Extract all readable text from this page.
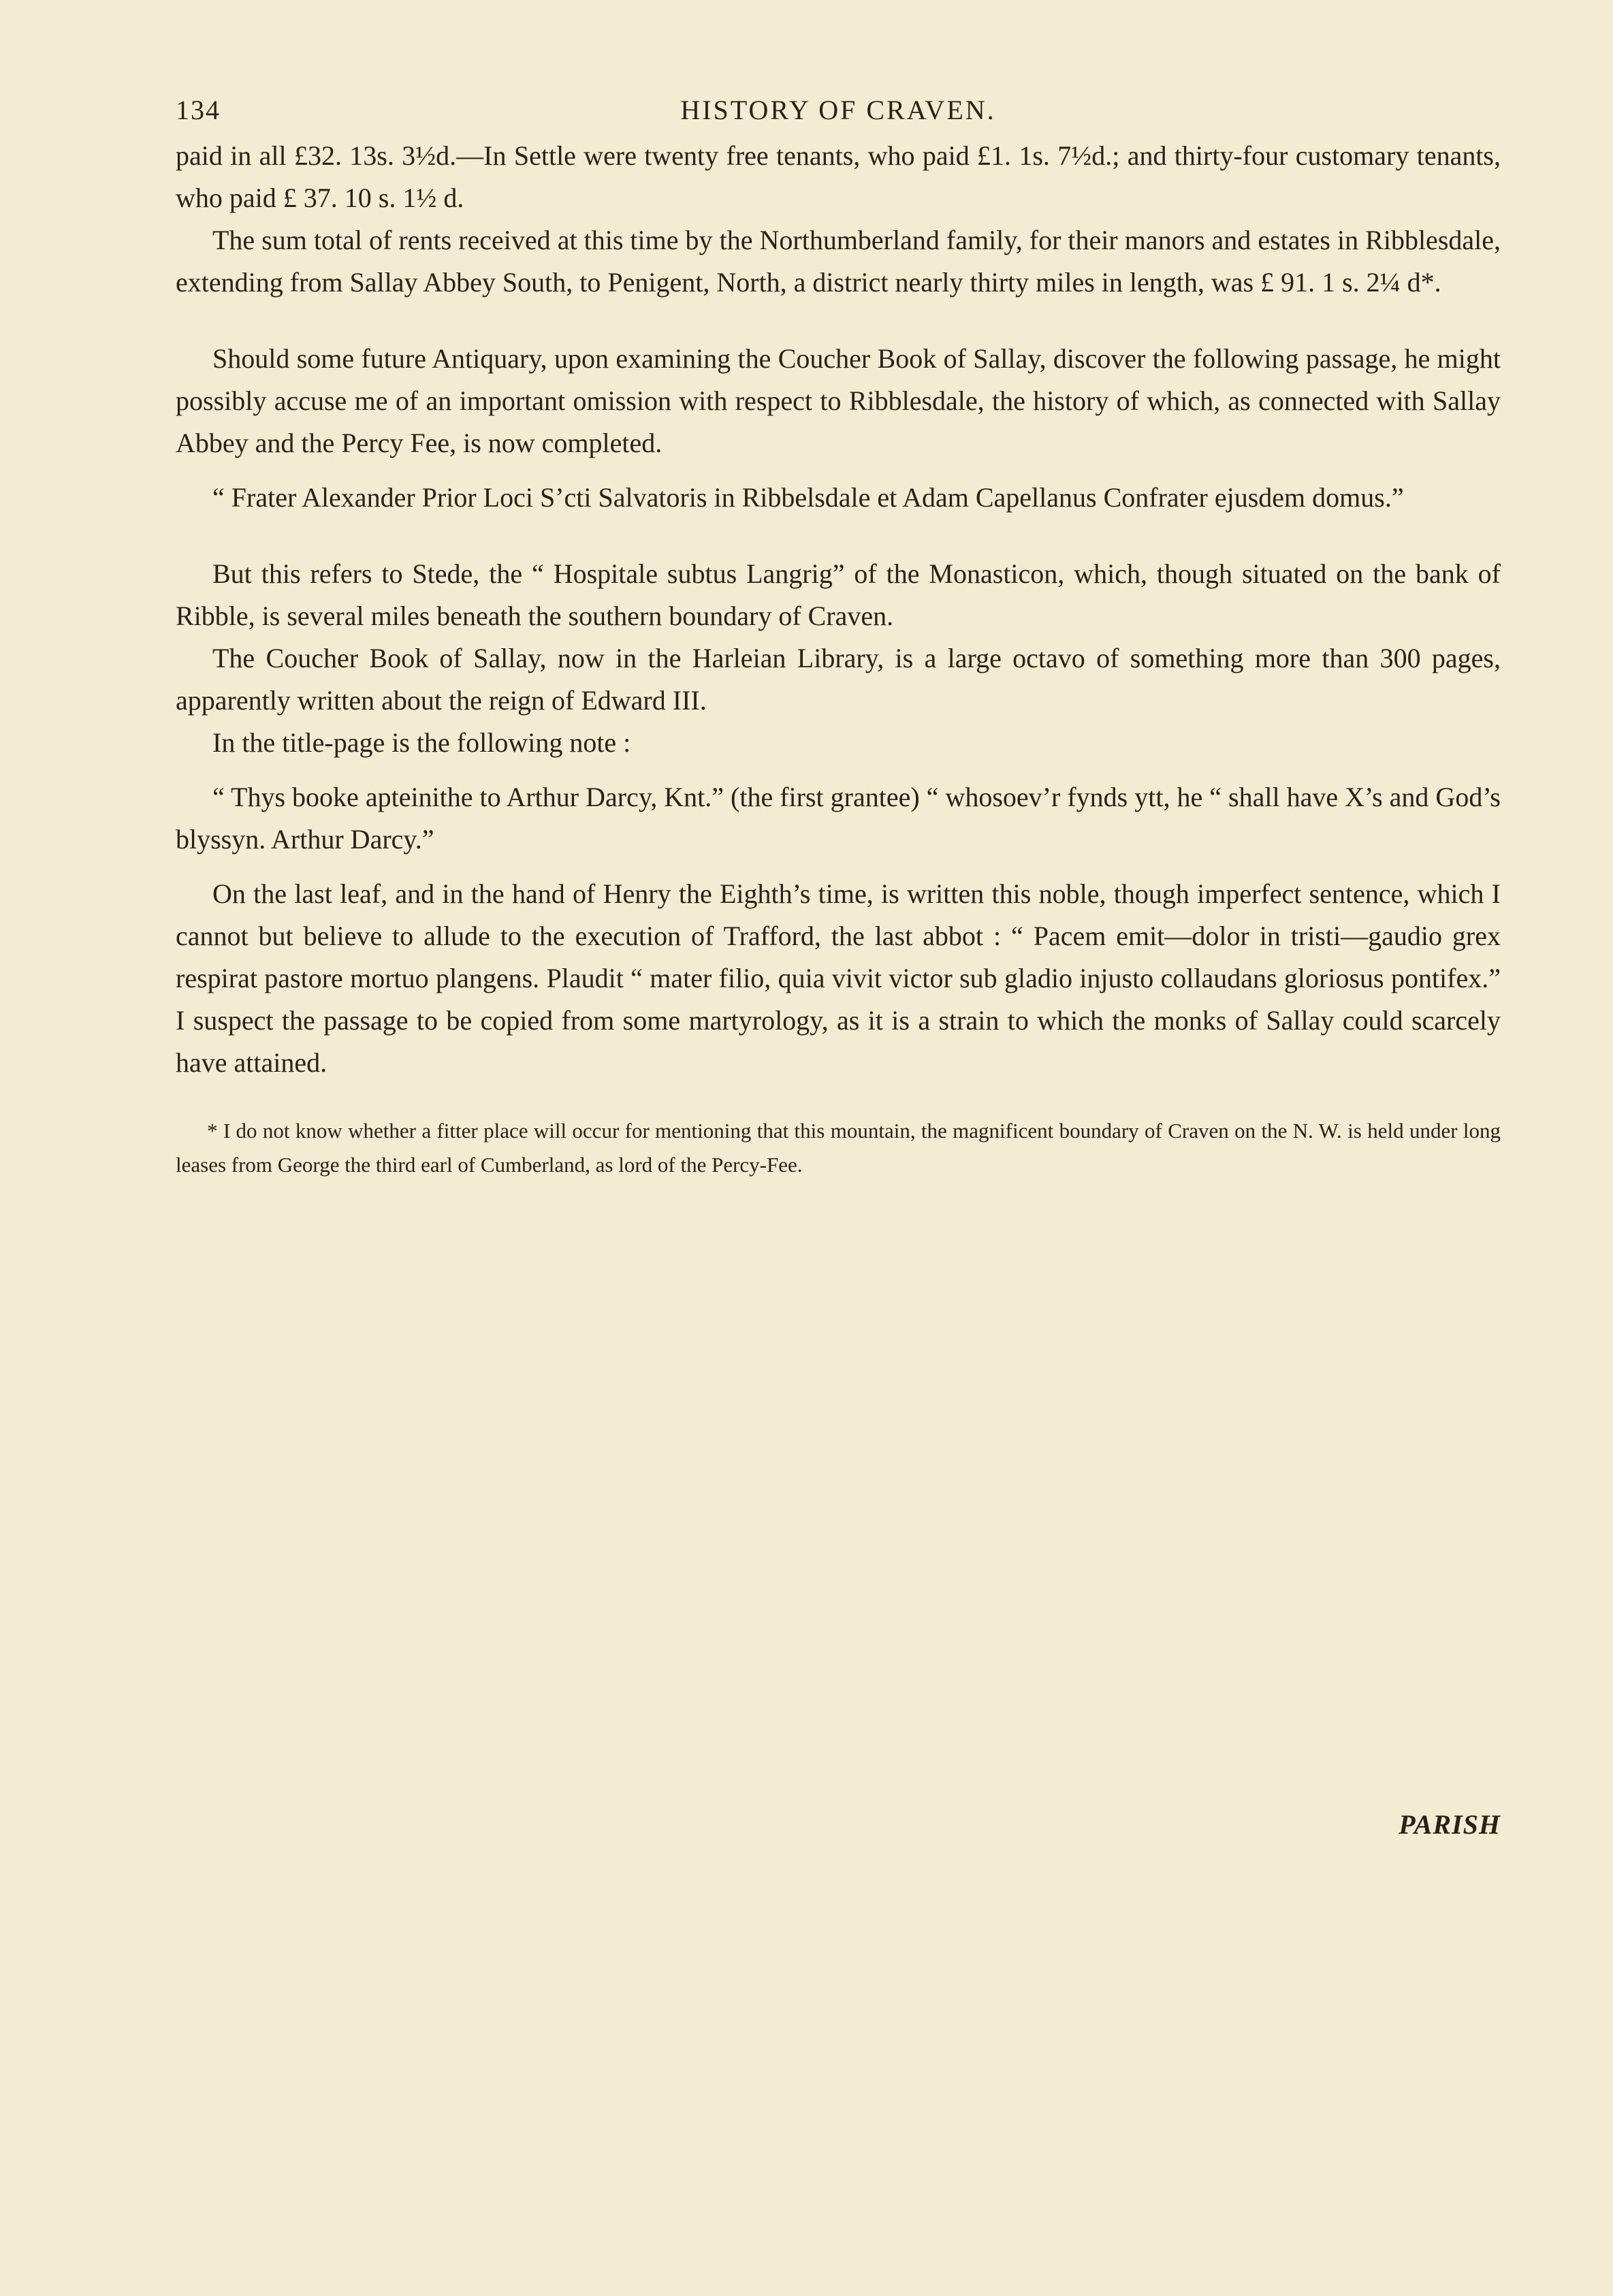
134	HISTORY OF CRAVEN.

paid in all £32. 13s. 3½d.—In Settle were twenty free tenants, who paid £1. 1s. 7½d.; and thirty-four customary tenants, who paid £ 37. 10 s. 1½ d.

The sum total of rents received at this time by the Northumberland family, for their manors and estates in Ribblesdale, extending from Sallay Abbey South, to Penigent, North, a district nearly thirty miles in length, was £ 91. 1 s. 2¼ d*.

Should some future Antiquary, upon examining the Coucher Book of Sallay, discover the following passage, he might possibly accuse me of an important omission with respect to Ribblesdale, the history of which, as connected with Sallay Abbey and the Percy Fee, is now completed.

“ Frater Alexander Prior Loci S’cti Salvatoris in Ribbelsdale et Adam Capellanus Confrater ejusdem domus.”

But this refers to Stede, the “ Hospitale subtus Langrig” of the Monasticon, which, though situated on the bank of Ribble, is several miles beneath the southern boundary of Craven.

The Coucher Book of Sallay, now in the Harleian Library, is a large octavo of something more than 300 pages, apparently written about the reign of Edward III.

In the title-page is the following note :

“ Thys booke apteinithe to Arthur Darcy, Knt.” (the first grantee) “ whosoev’r fynds ytt, he “ shall have X’s and God’s blyssyn. Arthur Darcy.”

On the last leaf, and in the hand of Henry the Eighth’s time, is written this noble, though imperfect sentence, which I cannot but believe to allude to the execution of Trafford, the last abbot : “ Pacem emit—dolor in tristi—gaudio grex respirat pastore mortuo plangens. Plaudit “ mater filio, quia vivit victor sub gladio injusto collaudans gloriosus pontifex.” I suspect the passage to be copied from some martyrology, as it is a strain to which the monks of Sallay could scarcely have attained.

* I do not know whether a fitter place will occur for mentioning that this mountain, the magnificent boundary of Craven on the N. W. is held under long leases from George the third earl of Cumberland, as lord of the Percy-Fee.

PARISH
